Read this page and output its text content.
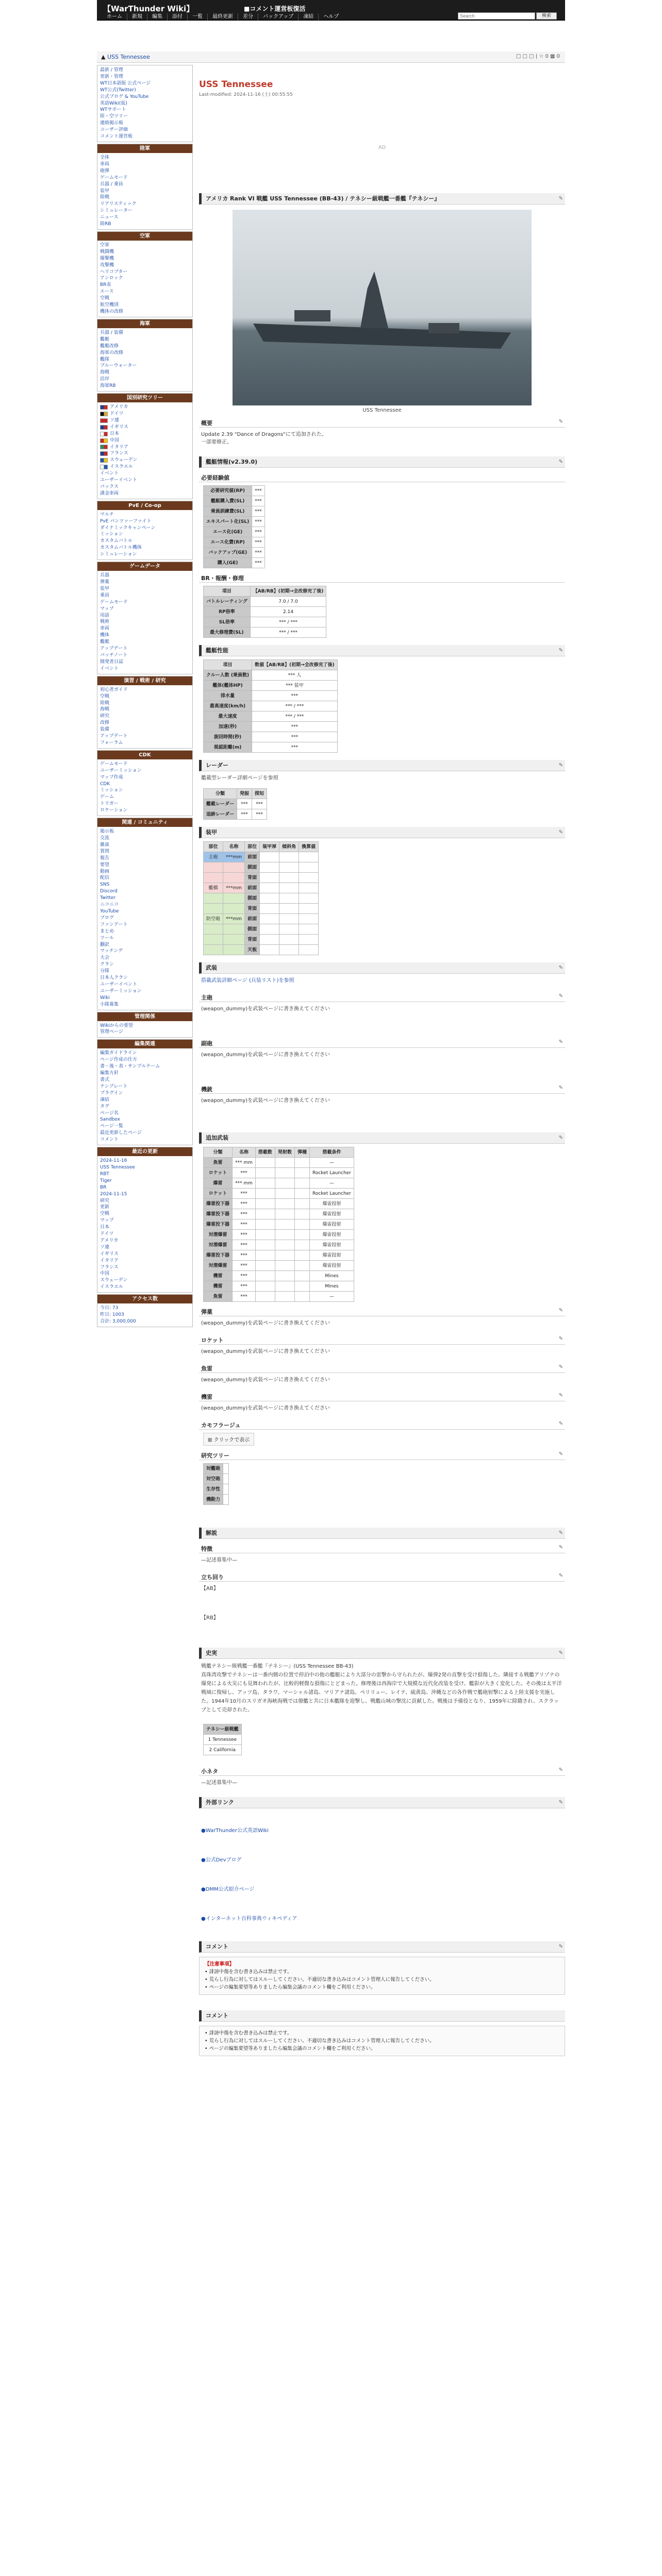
【WarThunder Wiki】	■コメント運営板復活
ホーム	新規	編集	添付	一覧	最終更新	差分	バックアップ	凍結	ヘルプ
Search	検索
▲ USS Tennessee	□ □ □ | ☆ 0 ▦ 0
最新 / 管理
更新・管理
WT日本語版 公式ページ
WT公式(Twitter)
公式ブログ & YouTube
英語Wiki(仮)
WTサポート
陸・空ツリー
連絡掲示板
ユーザー評価
コメント運営板
陸軍
全体
車両
砲弾
ゲームモード
兵器 / 乗員
装甲
陸戦
リアリスティック
シミュレーター
ニュース
陸RB
空軍
空軍
戦闘機
爆撃機
攻撃機
ヘリコプター
アンロック
BR表
エース
空戦
航空機別
機体の改修
海軍
兵器 / 装備
艦艇
艦艇改修
海軍の改修
艦隊
ブルーウォーター
海戦
沿岸
海軍RB
国別研究ツリー
アメリカ
ドイツ
ソ連
イギリス
日本
中国
イタリア
フランス
スウェーデン
イスラエル
イベント
ユーザーイベント
パックス
課金車両
PvE / Co-op
マルチ
PvE パンツァーファイト
ダイナミックキャンペーン
ミッション
カスタムバトル
カスタムバトル機体
シミュレーション
ゲームデータ
兵器
弾薬
装甲
乗員
ゲームモード
マップ
用語
戦術
車両
機体
艦艇
アップデート
パッチノート
開発者日誌
イベント
演習 / 戦術 / 研究
初心者ガイド
空戦
陸戦
海戦
研究
改修
装備
アップデート
フォーラム
CDK
ゲームモード
ユーザーミッション
マップ作成
CDK
ミッション
ゲーム
トリガー
ロケーション
関連 / コミュニティ
掲示板
交流
雑談
質問
報告
要望
動画
配信
SNS
Discord
Twitter
ニコニコ
YouTube
ブログ
ファンアート
まとめ
ツール
翻訳
マッチング
大会
クラン
分隊
日本人クラン
ユーザーイベント
ユーザーミッション
Wiki
小隊募集
管理関係
Wikiからの要望
管理ページ
編集関連
編集ガイドライン
ページ作成の仕方
書・後・表・サンプルテーム
編集方針
書式
テンプレート
プラグイン
凍結
タグ
ページ名
Sandbox
ページ一覧
最近更新したページ
コメント
最近の更新
2024-11-16
USS Tennessee
RBT
Tiger
BR
2024-11-15
研究
更新
空戦
マップ
日本
ドイツ
アメリカ
ソ連
イギリス
イタリア
フランス
中国
スウェーデン
イスラエル
アクセス数
今日: 73
昨日: 1003
合計: 3,000,000
USS Tennessee
Last-modified: 2024-11-16 (土) 00:55:55
AD
アメリカ Rank VI 戦艦 USS Tennessee (BB-43) / テネシー級戦艦一番艦『テネシー』	✎
USS Tennessee
概要	✎
Update 2.39 "Dance of Dragons"にて追加された。
一部要修正。
艦艇情報(v2.39.0)	✎
必要経験値
必要研究値(RP)	***
艦艇購入費(SL)	***
乗員訓練費(SL)	***
エキスパート化(SL)	***
エース化(GE)	***
エース化費(RP)	***
バックアップ(GE)	***
購入(GE)	***
BR・報酬・修理
項目	【AB/RB】(初期→全改修完了後)
バトルレーティング	7.0 / 7.0
RP倍率	2.14
SL倍率	*** / ***
最大修理費(SL)	*** / ***
艦艇性能	✎
項目	数値【AB/RB】(初期→全改修完了後)
クルー人数 (乗員数)	*** 人
艦体(艦体HP)	*** 装甲
排水量	***
最高速度(km/h)	*** / ***
最大速度	*** / ***
加速(秒)	***
旋回時間(秒)	***
視認距離(m)	***
レーダー	✎
艦載型レーダー詳細ページを参照
分類	発振	探知
艦載レーダー	***	***
追跡レーダー	***	***
装甲	✎
部位	名称	部位	装甲厚	傾斜角	換算値
主砲	***mm	前面			
		側面			
		背面			
艦橋	***mm	前面			
		側面			
		背面			
防空砲	***mm	前面			
		側面			
		背面			
		天板			
武装	✎
搭載武装詳細ページ (兵装リスト)を参照
主砲	✎
(weapon_dummy)を武装ページに書き換えてください
副砲	✎
(weapon_dummy)を武装ページに書き換えてください
機銃	✎
(weapon_dummy)を武装ページに書き換えてください
追加武装	✎
分類	名称	搭載数	発射数	弾種	搭載条件
魚雷	*** mm				—
ロケット	***				Rocket Launcher
爆雷	*** mm				—
ロケット	***				Rocket Launcher
爆雷投下器	***				爆雷投射
爆雷投下器	***				爆雷投射
爆雷投下器	***				爆雷投射
対潜爆雷	***				爆雷投射
対潜爆雷	***				爆雷投射
爆雷投下器	***				爆雷投射
対潜爆雷	***				爆雷投射
機雷	***				Mines
機雷	***				Mines
魚雷	***				—
弾薬	✎
(weapon_dummy)を武装ページに書き換えてください
ロケット	✎
(weapon_dummy)を武装ページに書き換えてください
魚雷	✎
(weapon_dummy)を武装ページに書き換えてください
機雷	✎
(weapon_dummy)を武装ページに書き換えてください
カモフラージュ	✎
⊞ クリックで表示
研究ツリー	✎
対艦砲	
対空砲	
生存性	
機動力	
解説	✎
特徴	✎
—記述募集中—
立ち回り	✎
【AB】
【RB】
史実	✎
戦艦テネシー級戦艦一番艦『テネシー』(USS Tennessee BB-43)
真珠湾攻撃でテネシーは一番内側の位置で停泊中の他の艦艇により大部分の雷撃から守られたが、爆弾2発の直撃を受け損傷した。隣接する戦艦アリゾナの爆発による火災にも見舞われたが、比較的軽微な損傷にとどまった。修理後は西海岸で大規模な近代化改装を受け、艦影が大きく変化した。その後は太平洋戦域に復帰し、アッツ島、タラワ、マーシャル諸島、マリアナ諸島、ペリリュー、レイテ、硫黄島、沖縄などの各作戦で艦砲射撃による上陸支援を実施した。1944年10月のスリガオ海峡海戦では僚艦と共に日本艦隊を迎撃し、戦艦山城の撃沈に貢献した。戦後は予備役となり、1959年に除籍され、スクラップとして売却された。
テネシー級戦艦
1 Tennessee
2 California
小ネタ	✎
—記述募集中—
外部リンク	✎
●WarThunder公式英語Wiki
●公式Devブログ
●DMM公式紹介ページ
●インターネット百科事典ウィキペディア
コメント	✎
【注意事項】
• 誹謗中傷を含む書き込みは禁止です。
• 荒らし行為に対してはスルーしてください。不適切な書き込みはコメント管理人に報告してください。
• ページの編集要望等ありましたら編集会議のコメント欄をご利用ください。
コメント
• 誹謗中傷を含む書き込みは禁止です。
• 荒らし行為に対してはスルーしてください。不適切な書き込みはコメント管理人に報告してください。
• ページの編集要望等ありましたら編集会議のコメント欄をご利用ください。
